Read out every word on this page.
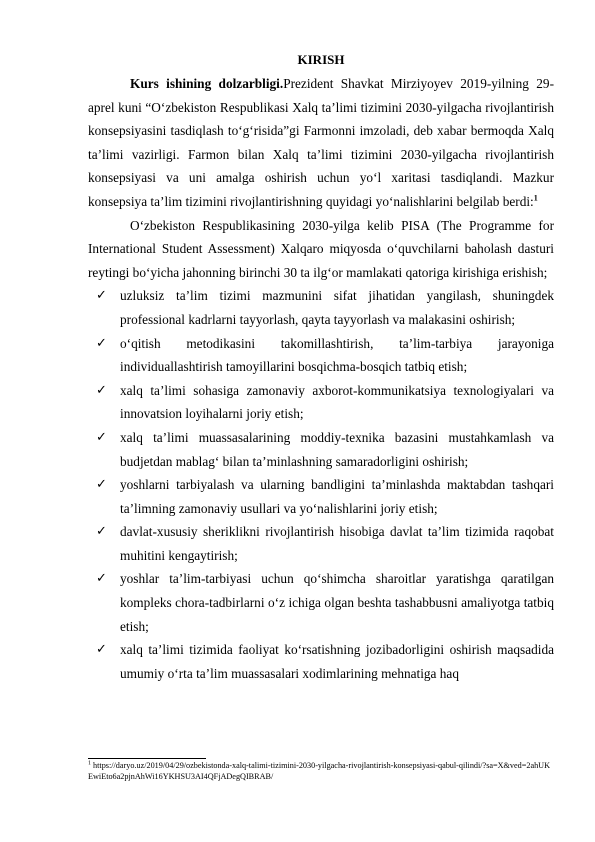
KIRISH

Kurs ishining dolzarbligi.Prezident Shavkat Mirziyoyev 2019-yilning 29-aprel kuni “O‘zbekiston Respublikasi Xalq ta’limi tizimini 2030-yilgacha rivojlantirish konsepsiyasini tasdiqlash to‘g‘risida”gi Farmonni imzoladi, deb xabar bermoqda Xalq ta’limi vazirligi. Farmon bilan Xalq ta’limi tizimini 2030-yilgacha rivojlantirish konsepsiyasi va uni amalga oshirish uchun yo‘l xaritasi tasdiqlandi. Mazkur konsepsiya ta’lim tizimini rivojlantirishning quyidagi yo‘nalishlarini belgilab berdi:$^1$

O‘zbekiston Respublikasining 2030-yilga kelib PISA (The Programme for International Student Assessment) Xalqaro miqyosda o‘quvchilarni baholash dasturi reytingi bo‘yicha jahonning birinchi 30 ta ilg‘or mamlakati qatoriga kirishiga erishish;

✓ uzluksiz ta’lim tizimi mazmunini sifat jihatidan yangilash, shuningdek professional kadrlarni tayyorlash, qayta tayyorlash va malakasini oshirish;
✓ o‘qitish metodikasini takomillashtirish, ta’lim-tarbiya jarayoniga individuallashtirish tamoyillarini bosqichma-bosqich tatbiq etish;
✓ xalq ta’limi sohasiga zamonaviy axborot-kommunikatsiya texnologiyalari va innovatsion loyihalarni joriy etish;
✓ xalq ta’limi muassasalarining moddiy-texnika bazasini mustahkamlash va budjetdan mablag‘ bilan ta’minlashning samaradorligini oshirish;
✓ yoshlarni tarbiyalash va ularning bandligini ta’minlashda maktabdan tashqari ta’limning zamonaviy usullari va yo‘nalishlarini joriy etish;
✓ davlat-xususiy sheriklikni rivojlantirish hisobiga davlat ta’lim tizimida raqobat muhitini kengaytirish;
✓ yoshlar ta’lim-tarbiyasi uchun qo‘shimcha sharoitlar yaratishga qaratilgan kompleks chora-tadbirlarni o‘z ichiga olgan beshta tashabbusni amaliyotga tatbiq etish;
✓ xalq ta’limi tizimida faoliyat ko‘rsatishning jozibadorligini oshirish maqsadida umumiy o‘rta ta’lim muassasalari xodimlarining mehnatiga haq
$^1$ https://daryo.uz/2019/04/29/ozbekistonda-xalq-talimi-tizimini-2030-yilgacha-rivojlantirish-konsepsiyasi-qabul-qilindi/?sa=X&ved=2ahUKEwiEto6a2pjnAhWi16YKHSU3AI4QFjADegQIBRAB/
